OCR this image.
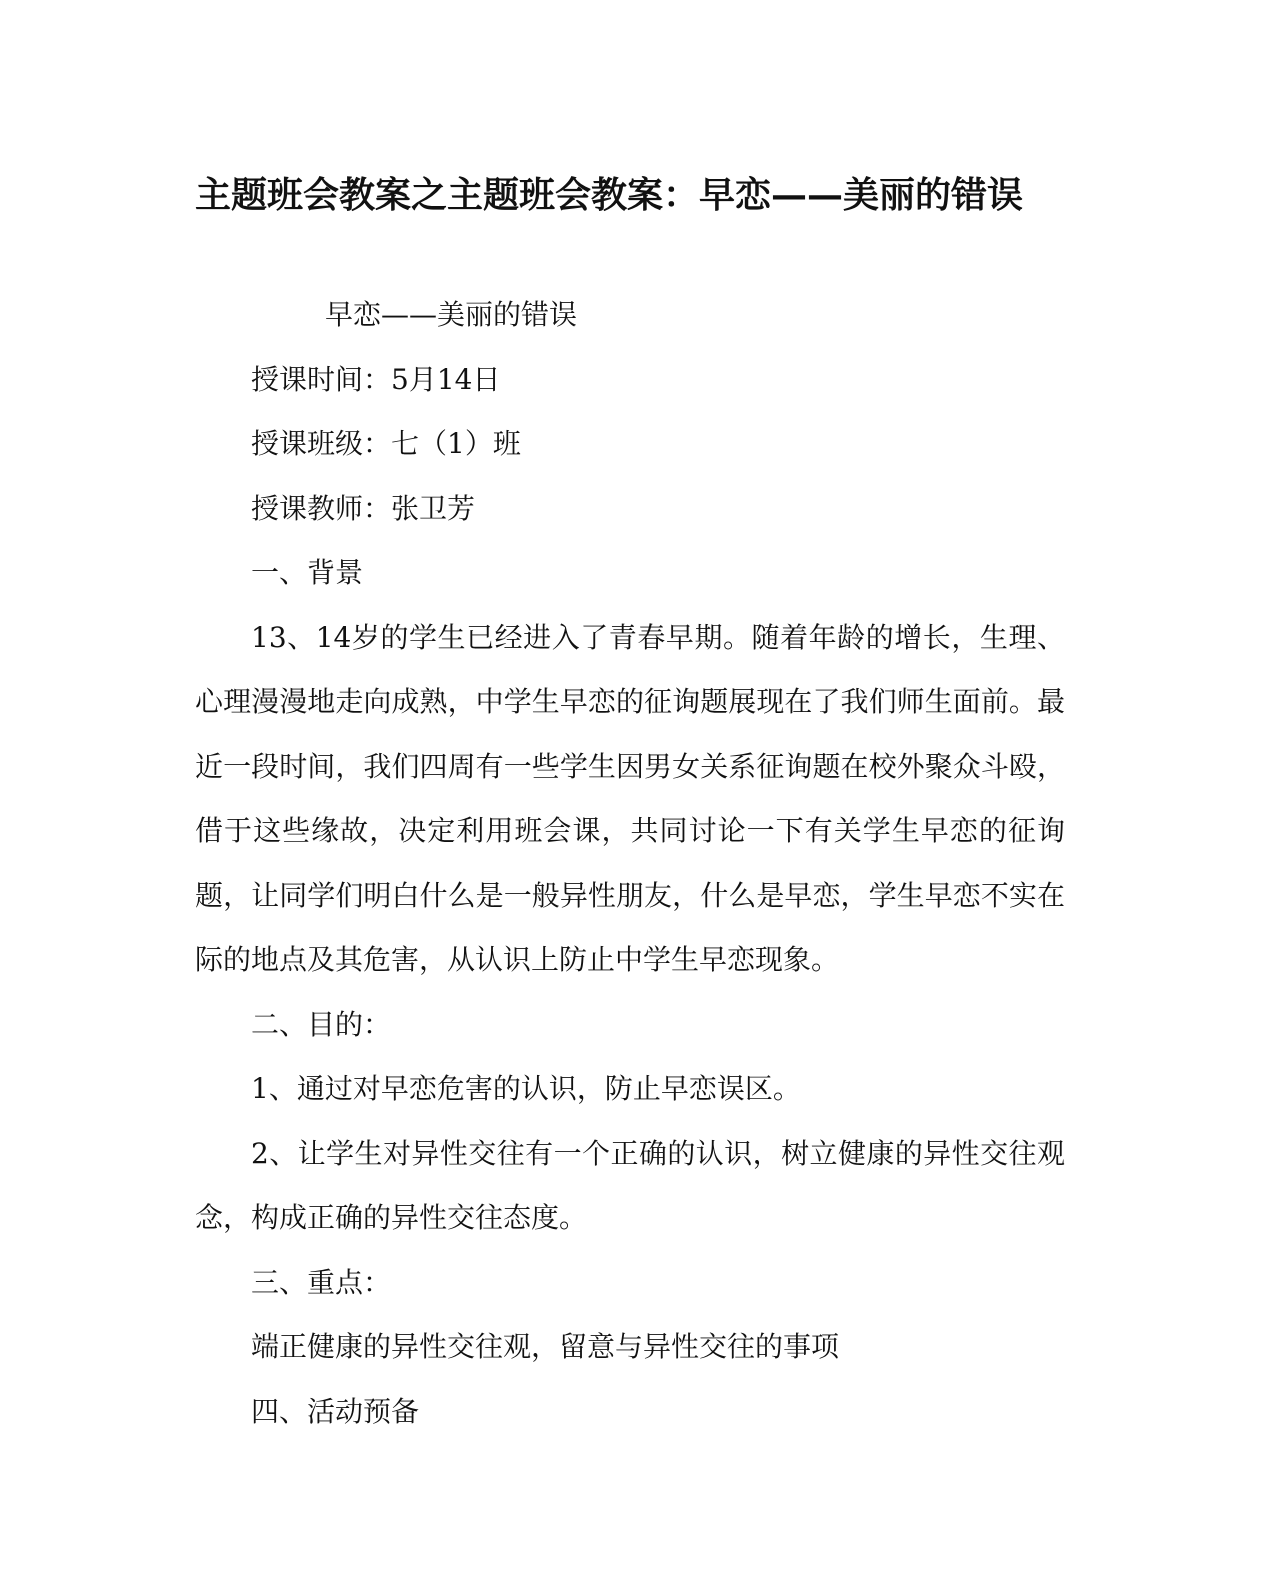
主题班会教案之主题班会教案：早恋——美丽的错误
早恋——美丽的错误
授课时间：5月14日
授课班级：七（1）班
授课教师：张卫芳
一、背景
13、14岁的学生已经进入了青春早期。随着年龄的增长，生理、心理漫漫地走向成熟，中学生早恋的征询题展现在了我们师生面前。最近一段时间，我们四周有一些学生因男女关系征询题在校外聚众斗殴，借于这些缘故，决定利用班会课，共同讨论一下有关学生早恋的征询题，让同学们明白什么是一般异性朋友，什么是早恋，学生早恋不实在际的地点及其危害，从认识上防止中学生早恋现象。
二、目的：
1、通过对早恋危害的认识，防止早恋误区。
2、让学生对异性交往有一个正确的认识，树立健康的异性交往观念，构成正确的异性交往态度。
三、重点：
端正健康的异性交往观，留意与异性交往的事项
四、活动预备
